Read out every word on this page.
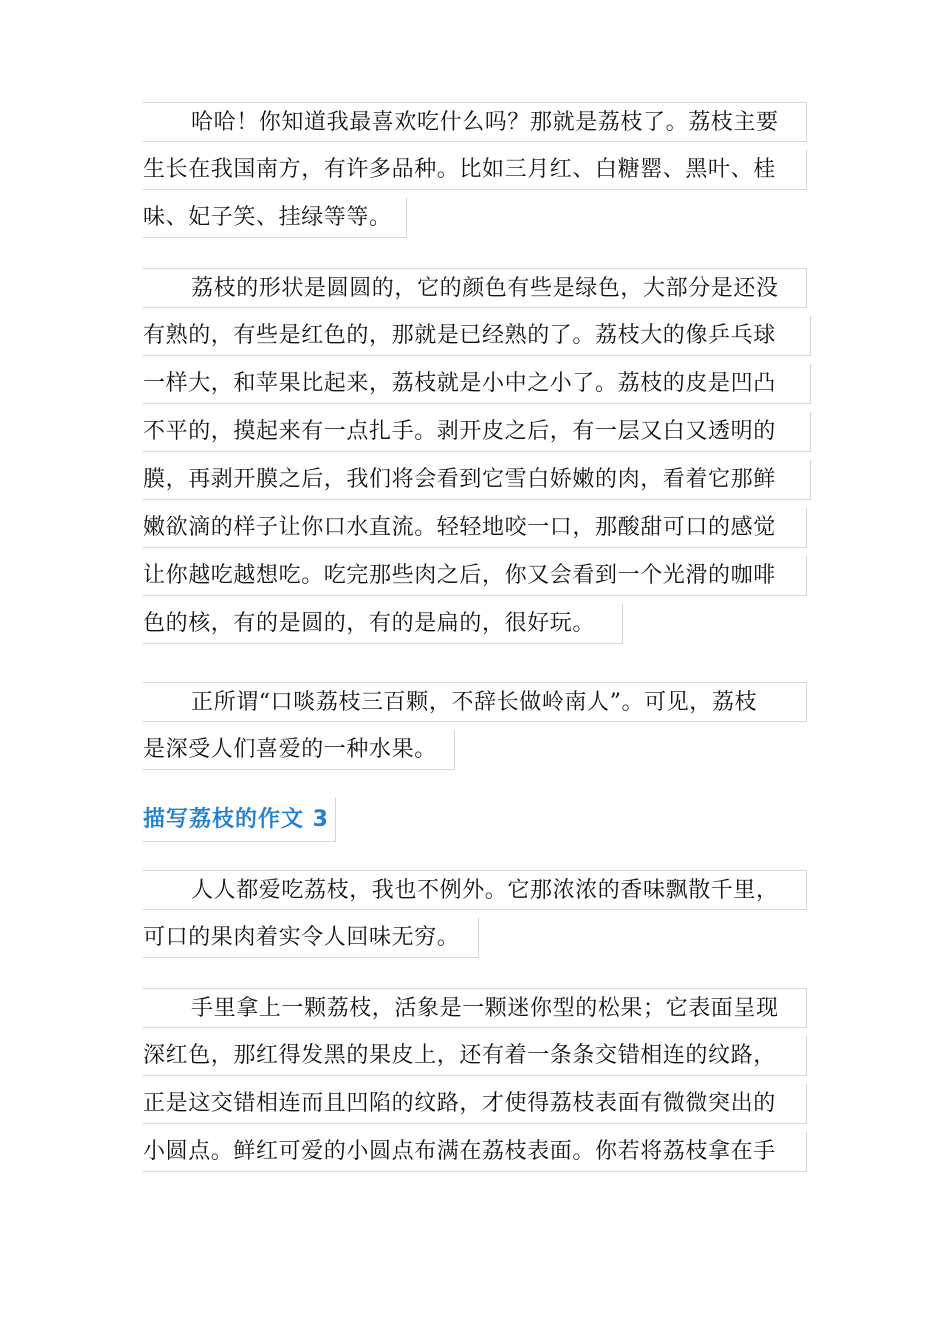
哈哈！你知道我最喜欢吃什么吗？那就是荔枝了。荔枝主要
生长在我国南方，有许多品种。比如三月红、白糖罂、黑叶、桂
味、妃子笑、挂绿等等。
荔枝的形状是圆圆的，它的颜色有些是绿色，大部分是还没
有熟的，有些是红色的，那就是已经熟的了。荔枝大的像乒乓球
一样大，和苹果比起来，荔枝就是小中之小了。荔枝的皮是凹凸
不平的，摸起来有一点扎手。剥开皮之后，有一层又白又透明的
膜，再剥开膜之后，我们将会看到它雪白娇嫩的肉，看着它那鲜
嫩欲滴的样子让你口水直流。轻轻地咬一口，那酸甜可口的感觉
让你越吃越想吃。吃完那些肉之后，你又会看到一个光滑的咖啡
色的核，有的是圆的，有的是扁的，很好玩。
正所谓“口啖荔枝三百颗，不辞长做岭南人”。可见，荔枝
是深受人们喜爱的一种水果。
描写荔枝的作文 3
人人都爱吃荔枝，我也不例外。它那浓浓的香味飘散千里，
可口的果肉着实令人回味无穷。
手里拿上一颗荔枝，活象是一颗迷你型的松果；它表面呈现
深红色，那红得发黑的果皮上，还有着一条条交错相连的纹路，
正是这交错相连而且凹陷的纹路，才使得荔枝表面有微微突出的
小圆点。鲜红可爱的小圆点布满在荔枝表面。你若将荔枝拿在手
